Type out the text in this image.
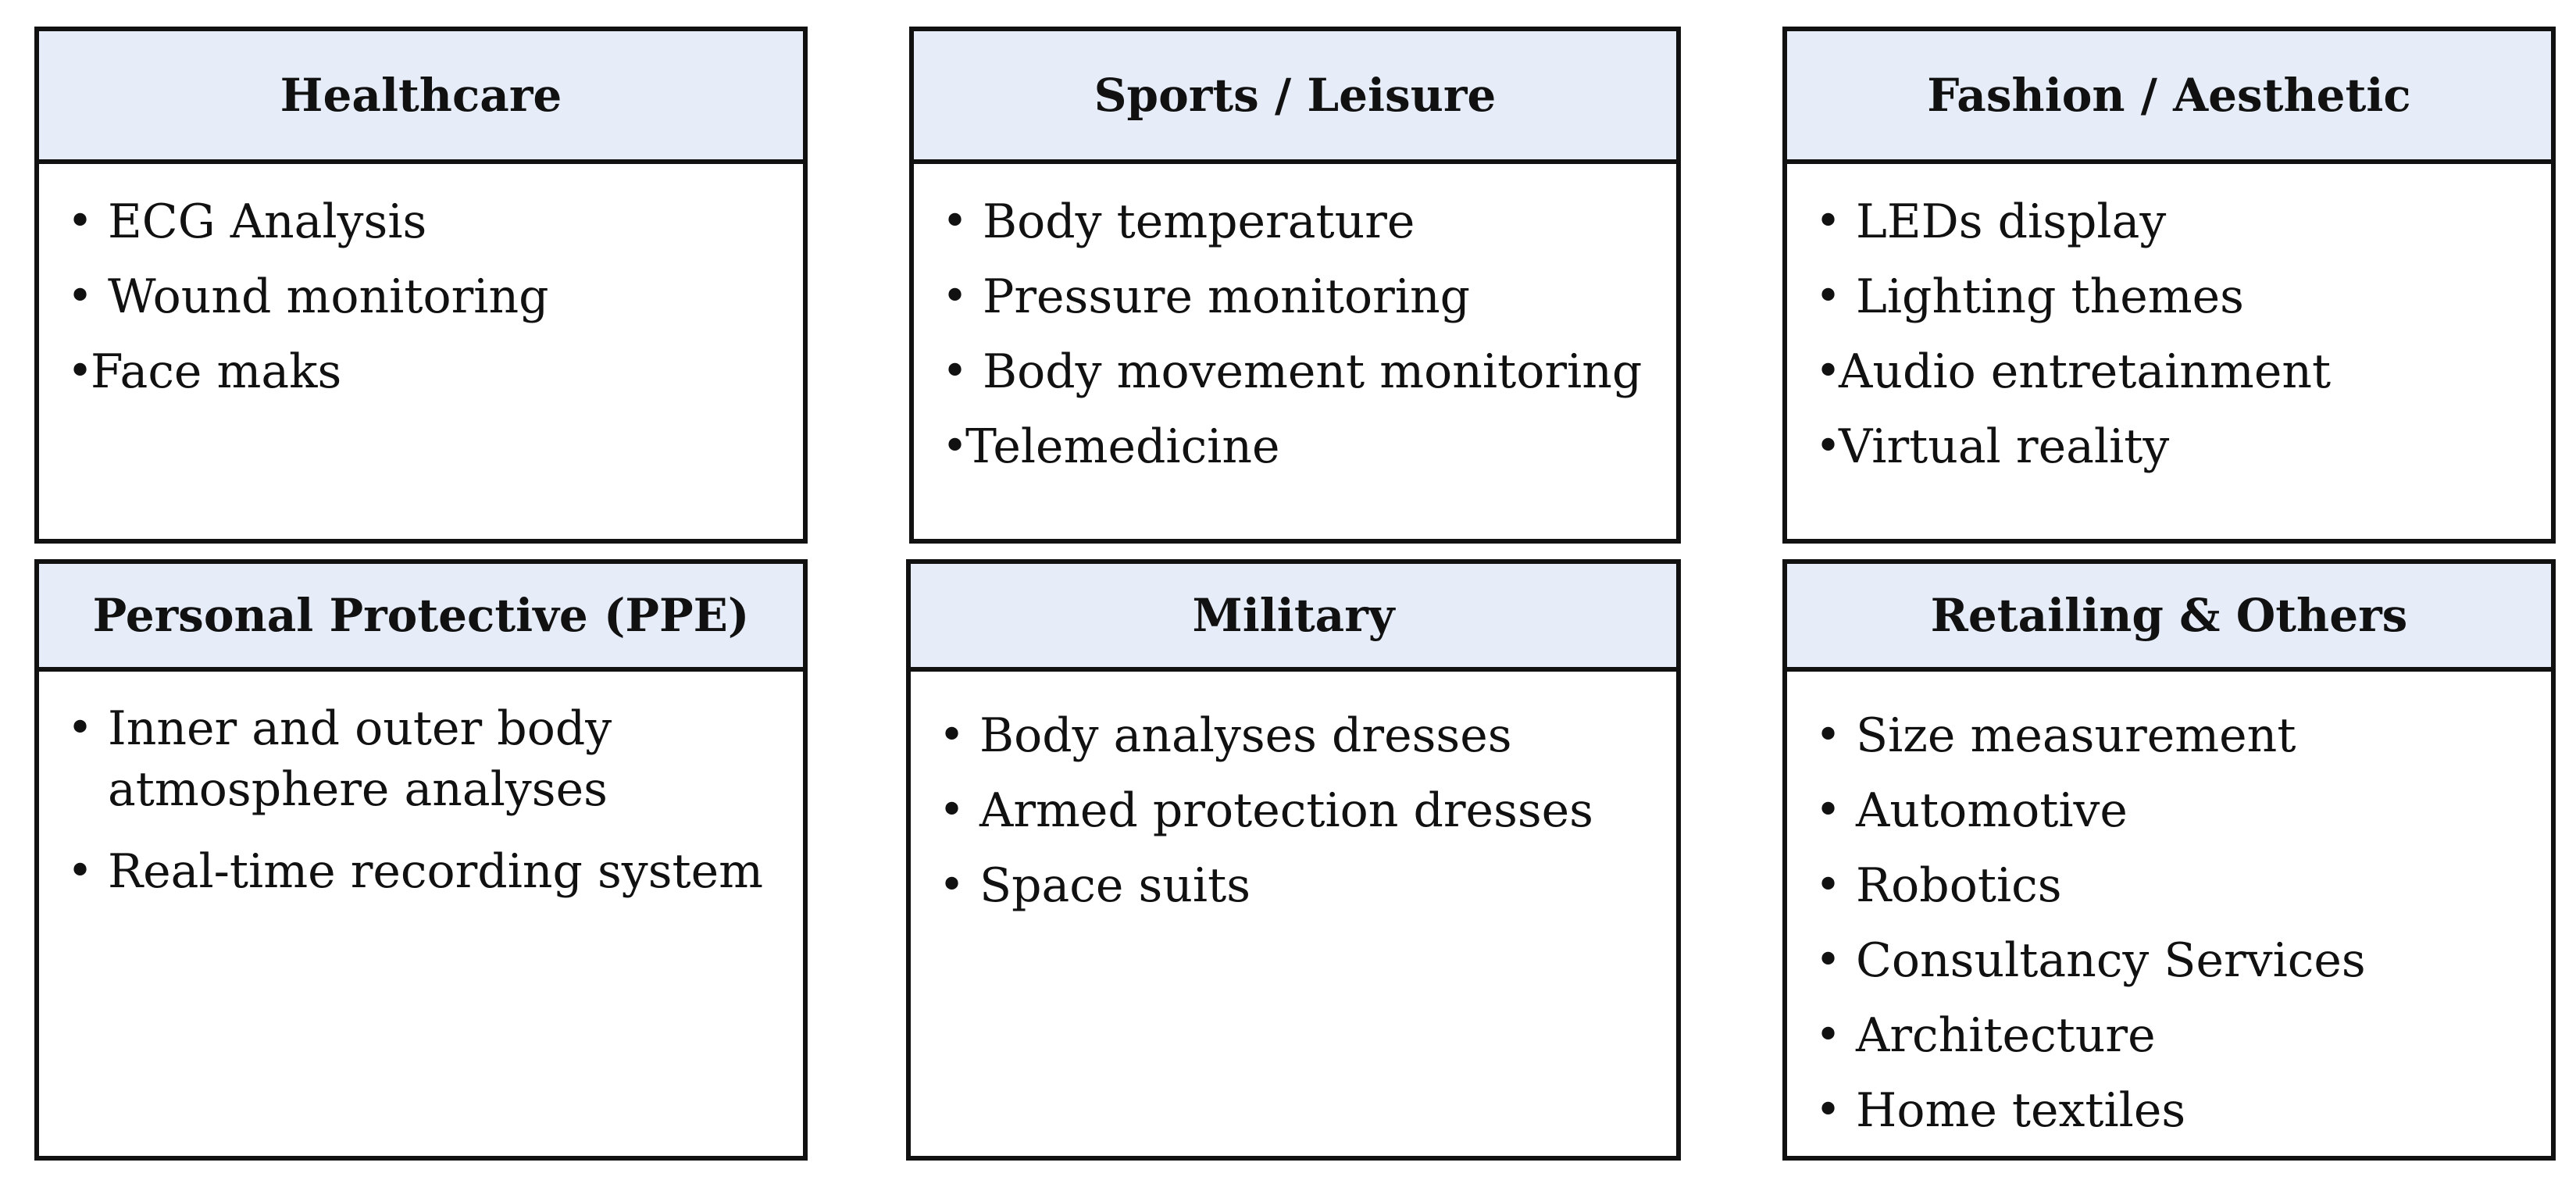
Healthcare
• ECG Analysis
• Wound monitoring
•
Face maks
Sports / Leisure
• Body temperature
• Pressure monitoring
• Body movement monitoring
•
Telemedicine
Fashion / Aesthetic
• LEDs display
• Lighting themes
•
Audio entretainment
•
Virtual reality
Personal Protective (PPE)
• Inner and outer body
atmosphere analyses
• Real-time recording system
Military
• Body analyses dresses
• Armed protection dresses
• Space suits
Retailing & Others
• Size measurement
• Automotive
• Robotics
• Consultancy Services
• Architecture
• Home textiles
